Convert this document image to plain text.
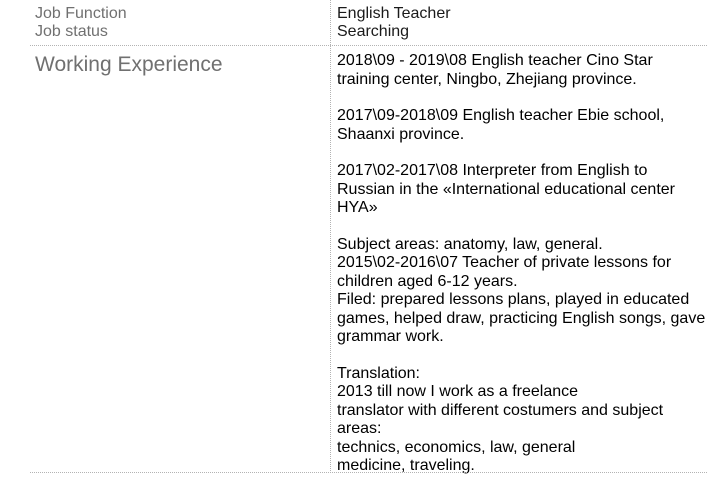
Job Function	English Teacher
Job status	Searching
Working Experience	2018\09 - 2019\08 English teacher Cino Star training center, Ningbo, Zhejiang province.
2017\09-2018\09 English teacher Ebie school, Shaanxi province.
2017\02-2017\08 Interpreter from English to Russian in the «International educational center HYA»
Subject areas: anatomy, law, general.
2015\02-2016\07 Teacher of private lessons for children aged 6-12 years.
Filed: prepared lessons plans, played in educated games, helped draw, practicing English songs, gave grammar work.
Translation:
2013 till now I work as a freelance
translator with different costumers and subject areas:
technics, economics, law, general
medicine, traveling.
